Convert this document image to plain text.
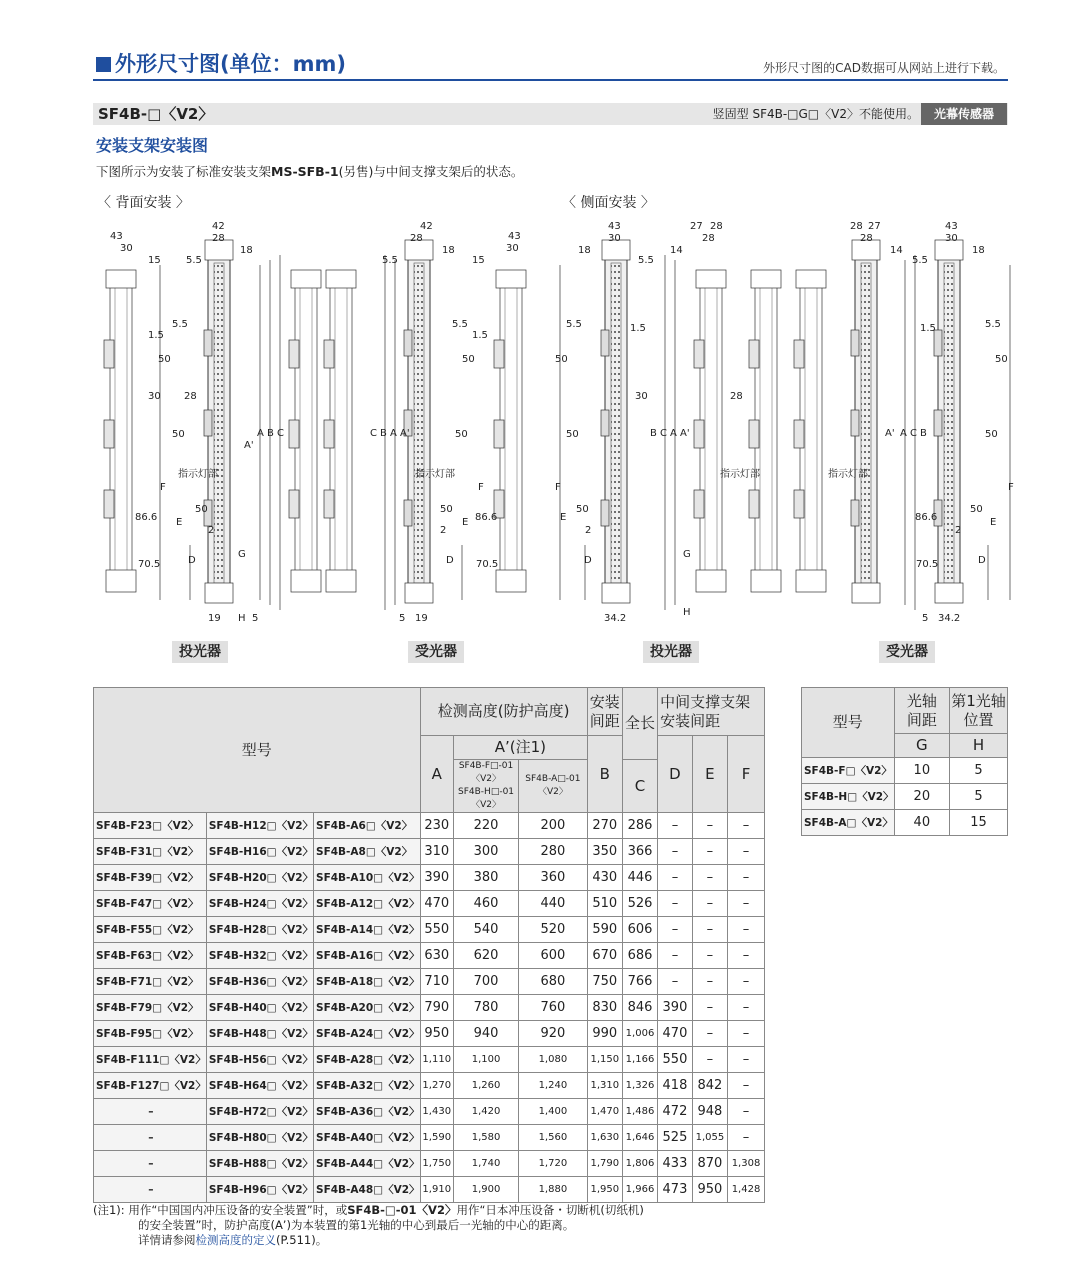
外形尺寸图(单位：mm)	外形尺寸图的CAD数据可从网站上进行下载。
SF4B-□〈V2〉	竖固型 SF4B-□G□〈V2〉不能使用。	光幕传感器
安装支架安装图
下图所示为安装了标准安装支架MS-SFB-1(另售)与中间支撑支架后的状态。
〈 背面安装 〉	〈 侧面安装 〉
43
30
15
42
28
18
5.5
1.5
5.5
50
30 28
50
50
86.6
70.5
2
19 H 5
A B C
A'
F
E
D
G
指示灯部
42
28
18
5.5
43
30
15
5.5
1.5
50
C B A A'	50
50
86.6
70.5
2
5 19
F
E
D
指示灯部
43
30
18
5.5
5.5	1.5
50
30	28
50	B C A A'
50
E
2
F
D
G
H
34.2
指示灯部
27 28
28
14
28 27
28
14
43
30
18
5.5
5.5
1.5
50
A' A C B	50
50
86.6
70.5
2
5 34.2
F
E
D
指示灯部
投光器	受光器	投光器	受光器
型号			检测高度(防护高度)			安装
间距	全长	中间支撑支架
安装间距		
			A	A’(注1)		B		D	E	F
				SF4B-F□-01〈V2〉
SF4B-H□-01〈V2〉	SF4B-A□-01〈V2〉		C			
SF4B-F23□〈V2〉	SF4B-H12□〈V2〉	SF4B-A6□〈V2〉	230	220	200	270	286	–	–	–
SF4B-F31□〈V2〉	SF4B-H16□〈V2〉	SF4B-A8□〈V2〉	310	300	280	350	366	–	–	–
SF4B-F39□〈V2〉	SF4B-H20□〈V2〉	SF4B-A10□〈V2〉	390	380	360	430	446	–	–	–
SF4B-F47□〈V2〉	SF4B-H24□〈V2〉	SF4B-A12□〈V2〉	470	460	440	510	526	–	–	–
SF4B-F55□〈V2〉	SF4B-H28□〈V2〉	SF4B-A14□〈V2〉	550	540	520	590	606	–	–	–
SF4B-F63□〈V2〉	SF4B-H32□〈V2〉	SF4B-A16□〈V2〉	630	620	600	670	686	–	–	–
SF4B-F71□〈V2〉	SF4B-H36□〈V2〉	SF4B-A18□〈V2〉	710	700	680	750	766	–	–	–
SF4B-F79□〈V2〉	SF4B-H40□〈V2〉	SF4B-A20□〈V2〉	790	780	760	830	846	390	–	–
SF4B-F95□〈V2〉	SF4B-H48□〈V2〉	SF4B-A24□〈V2〉	950	940	920	990	1,006	470	–	–
SF4B-F111□〈V2〉	SF4B-H56□〈V2〉	SF4B-A28□〈V2〉	1,110	1,100	1,080	1,150	1,166	550	–	–
SF4B-F127□〈V2〉	SF4B-H64□〈V2〉	SF4B-A32□〈V2〉	1,270	1,260	1,240	1,310	1,326	418	842	–
–	SF4B-H72□〈V2〉	SF4B-A36□〈V2〉	1,430	1,420	1,400	1,470	1,486	472	948	–
–	SF4B-H80□〈V2〉	SF4B-A40□〈V2〉	1,590	1,580	1,560	1,630	1,646	525	1,055	–
–	SF4B-H88□〈V2〉	SF4B-A44□〈V2〉	1,750	1,740	1,720	1,790	1,806	433	870	1,308
–	SF4B-H96□〈V2〉	SF4B-A48□〈V2〉	1,910	1,900	1,880	1,950	1,966	473	950	1,428
型号	光轴
间距	第1光轴
位置
	G	H
SF4B-F□〈V2〉	10	5
SF4B-H□〈V2〉	20	5
SF4B-A□〈V2〉	40	15
(注1): 用作“中国国内冲压设备的安全装置”时，或SF4B-□-01〈V2〉用作“日本冲压设备・切断机(切纸机)
的安全装置”时，防护高度(A’)为本装置的第1光轴的中心到最后一光轴的中心的距离。
详情请参阅检测高度的定义(P.511)。
